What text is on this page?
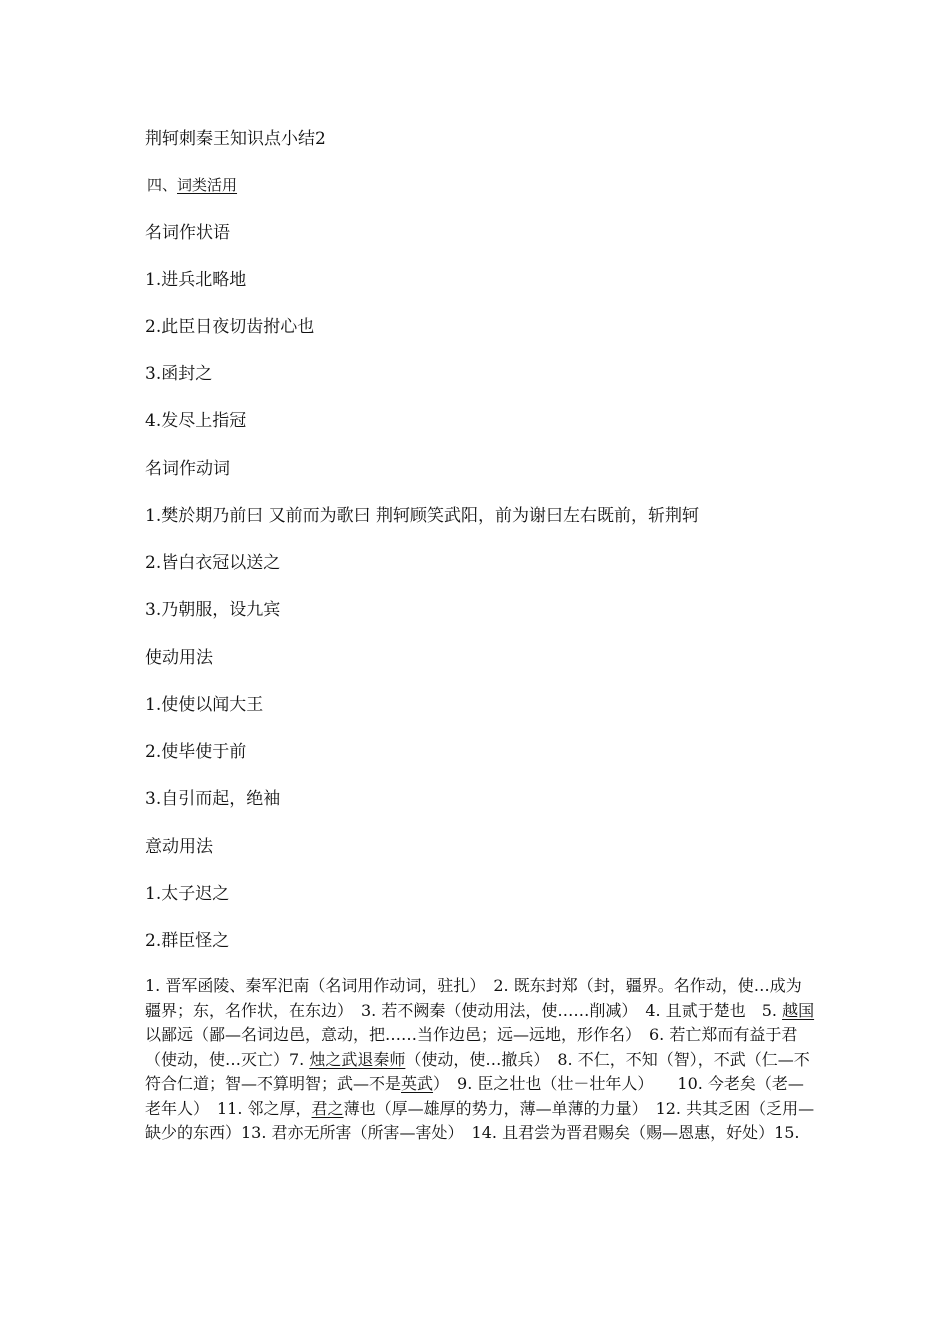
荆轲刺秦王知识点小结2
四、词类活用
名词作状语
1.进兵北略地
2.此臣日夜切齿拊心也
3.函封之
4.发尽上指冠
名词作动词
1.樊於期乃前曰 又前而为歌曰 荆轲顾笑武阳，前为谢曰左右既前，斩荆轲
2.皆白衣冠以送之
3.乃朝服，设九宾
使动用法
1.使使以闻大王
2.使毕使于前
3.自引而起，绝袖
意动用法
1.太子迟之
2.群臣怪之
1. 晋军函陵、秦军汜南（名词用作动词，驻扎）　2. 既东封郑（封，疆界。名作动，使…成为疆界；东，名作状，在东边）　3. 若不阙秦（使动用法，使……削减）　4. 且贰于楚也　5. 越国以鄙远（鄙—名词边邑，意动，把……当作边邑；远—远地，形作名）　6. 若亡郑而有益于君（使动，使…灭亡）7. 烛之武退秦师（使动，使…撤兵）　8. 不仁，不知（智），不武（仁—不符合仁道；智—不算明智；武—不是英武）　9. 臣之壮也（壮－壮年人）　　10. 今老矣（老—老年人）　11. 邻之厚，君之薄也（厚—雄厚的势力，薄—单薄的力量）　12. 共其乏困（乏用—缺少的东西）13. 君亦无所害（所害—害处）　14. 且君尝为晋君赐矣（赐—恩惠，好处）15.
